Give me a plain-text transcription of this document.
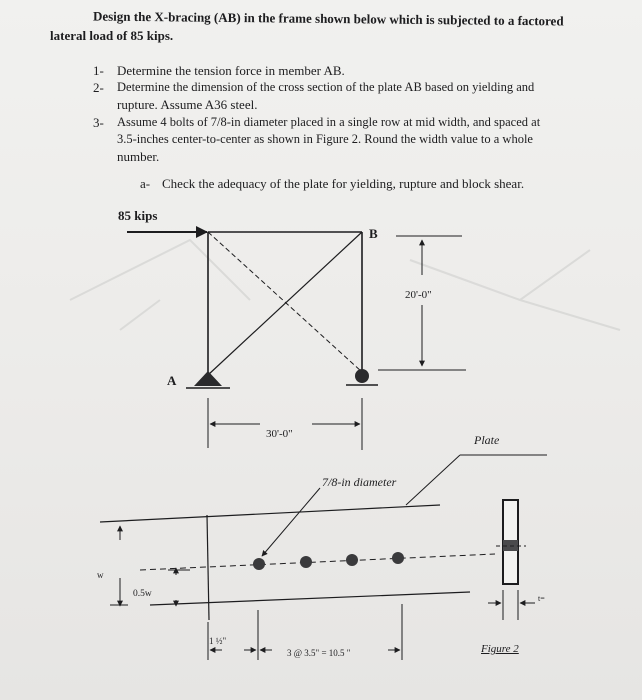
Design the X-bracing (AB) in the frame shown below which is subjected to a factored
lateral load of 85 kips.
1- Determine the tension force in member AB.
2- Determine the dimension of the cross section of the plate AB based on yielding and
rupture. Assume A36 steel.
3- Assume 4 bolts of 7/8-in diameter placed in a single row at mid width, and spaced at
3.5-inches center-to-center as shown in Figure 2. Round the width value to a whole
number.
a- Check the adequacy of the plate for yielding, rupture and block shear.
85 kips
B
A
20'-0"
30'-0"	Plate
7/8-in diameter
w
0.5w
1 ½"
3 @ 3.5" = 10.5 "
t=
Figure 2
